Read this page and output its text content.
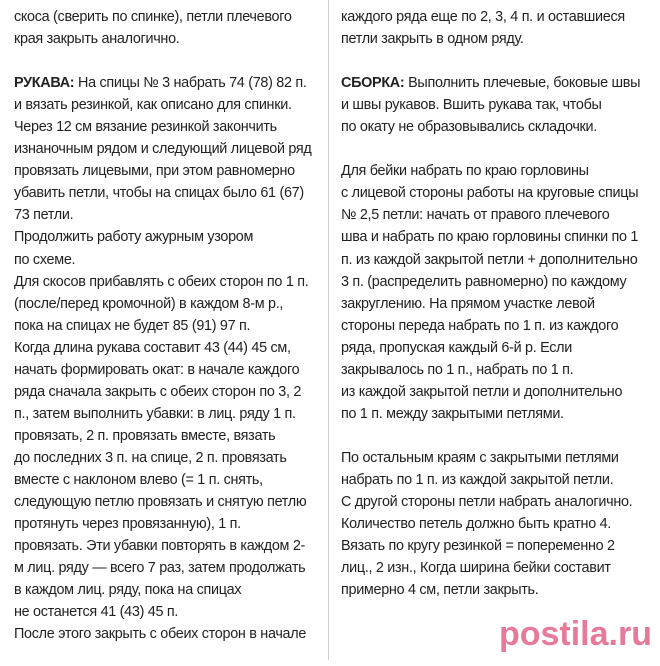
скоса (сверить по спинке), петли плечевого
края закрыть аналогично.
РУКАВА: На спицы № 3 набрать 74 (78) 82 п.
и вязать резинкой, как описано для спинки.
Через 12 см вязание резинкой закончить
изнаночным рядом и следующий лицевой ряд
провязать лицевыми, при этом равномерно
убавить петли, чтобы на спицах было 61 (67)
73 петли.
Продолжить работу ажурным узором
по схеме.
Для скосов прибавлять с обеих сторон по 1 п.
(после/перед кромочной) в каждом 8-м р.,
пока на спицах не будет 85 (91) 97 п.
Когда длина рукава составит 43 (44) 45 см,
начать формировать окат: в начале каждого
ряда сначала закрыть с обеих сторон по 3, 2
п., затем выполнить убавки: в лиц. ряду 1 п.
провязать, 2 п. провязать вместе, вязать
до последних 3 п. на спице, 2 п. провязать
вместе с наклоном влево (= 1 п. снять,
следующую петлю провязать и снятую петлю
протянуть через провязанную), 1 п.
провязать. Эти убавки повторять в каждом 2-
м лиц. ряду — всего 7 раз, затем продолжать
в каждом лиц. ряду, пока на спицах
не останется 41 (43) 45 п.
После этого закрыть с обеих сторон в начале
каждого ряда еще по 2, 3, 4 п. и оставшиеся
петли закрыть в одном ряду.
СБОРКА: Выполнить плечевые, боковые швы
и швы рукавов. Вшить рукава так, чтобы
по окату не образовывались складочки.
Для бейки набрать по краю горловины
с лицевой стороны работы на круговые спицы
№ 2,5 петли: начать от правого плечевого
шва и набрать по краю горловины спинки по 1
п. из каждой закрытой петли + дополнительно
3 п. (распределить равномерно) по каждому
закруглению. На прямом участке левой
стороны переда набрать по 1 п. из каждого
ряда, пропуская каждый 6-й р. Если
закрывалось по 1 п., набрать по 1 п.
из каждой закрытой петли и дополнительно
по 1 п. между закрытыми петлями.
По остальным краям с закрытыми петлями
набрать по 1 п. из каждой закрытой петли.
С другой стороны петли набрать аналогично.
Количество петель должно быть кратно 4.
Вязать по кругу резинкой = попеременно 2
лиц., 2 изн., Когда ширина бейки составит
примерно 4 см, петли закрыть.
postila.ru
